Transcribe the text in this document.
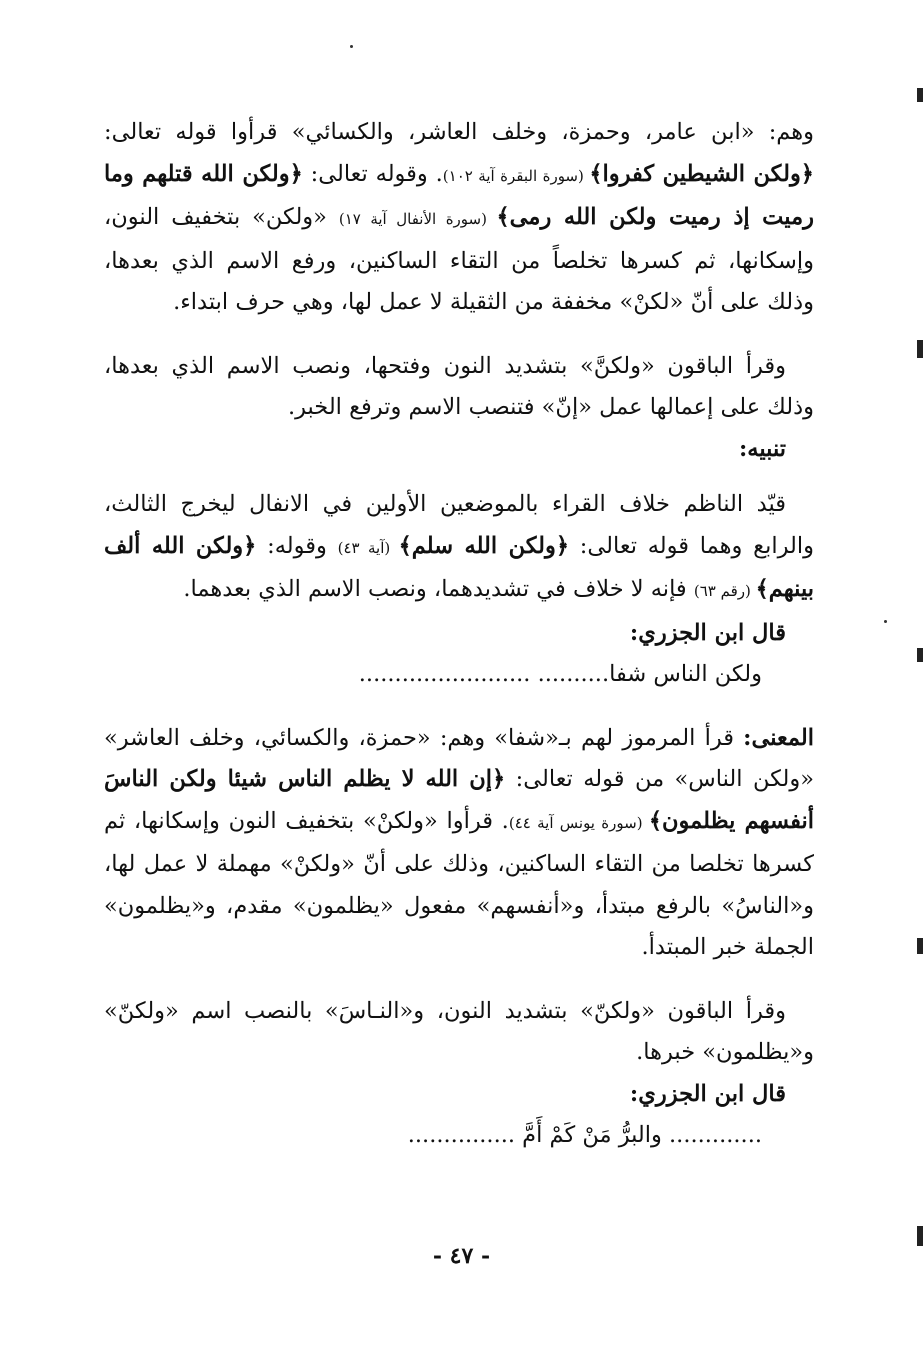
وهم: «ابن عامر، وحمزة، وخلف العاشر، والكسائي» قرأوا قوله تعالى: ﴿ولكن الشيطين كفروا﴾ (سورة البقرة آية ١٠٢). وقوله تعالى: ﴿ولكن الله قتلهم وما رميت إذ رميت ولكن الله رمى﴾ (سورة الأنفال آية ١٧) «ولكن» بتخفيف النون، وإسكانها، ثم كسرها تخلصاً من التقاء الساكنين، ورفع الاسم الذي بعدها، وذلك على أنّ «لكنْ» مخففة من الثقيلة لا عمل لها، وهي حرف ابتداء.

وقرأ الباقون «ولكنَّ» بتشديد النون وفتحها، ونصب الاسم الذي بعدها، وذلك على إعمالها عمل «إنّ» فتنصب الاسم وترفع الخبر.

تنبيه:

قيّد الناظم خلاف القراء بالموضعين الأولين في الانفال ليخرج الثالث، والرابع وهما قوله تعالى: ﴿ولكن الله سلم﴾ (آية ٤٣) وقوله: ﴿ولكن الله ألف بينهم﴾ (رقم ٦٣) فإنه لا خلاف في تشديدهما، ونصب الاسم الذي بعدهما.

قال ابن الجزري:

ولكن الناس شفا.......... ........................

المعنى: قرأ المرموز لهم بـ«شفا» وهم: «حمزة، والكسائي، وخلف العاشر» «ولكن الناس» من قوله تعالى: ﴿إن الله لا يظلم الناس شيئا ولكن الناسَ أنفسهم يظلمون﴾ (سورة يونس آية ٤٤). قرأوا «ولكنْ» بتخفيف النون وإسكانها، ثم كسرها تخلصا من التقاء الساكنين، وذلك على أنّ «ولكنْ» مهملة لا عمل لها، و«الناسُ» بالرفع مبتدأ، و«أنفسهم» مفعول «يظلمون» مقدم، و«يظلمون» الجملة خبر المبتدأ.

وقرأ الباقون «ولكنّ» بتشديد النون، و«النـاسَ» بالنصب اسم «ولكنّ» و«يظلمون» خبرها.

قال ابن الجزري:

............. والبرُّ مَنْ كَمْ أَمَّ ...............

- ٤٧ -
